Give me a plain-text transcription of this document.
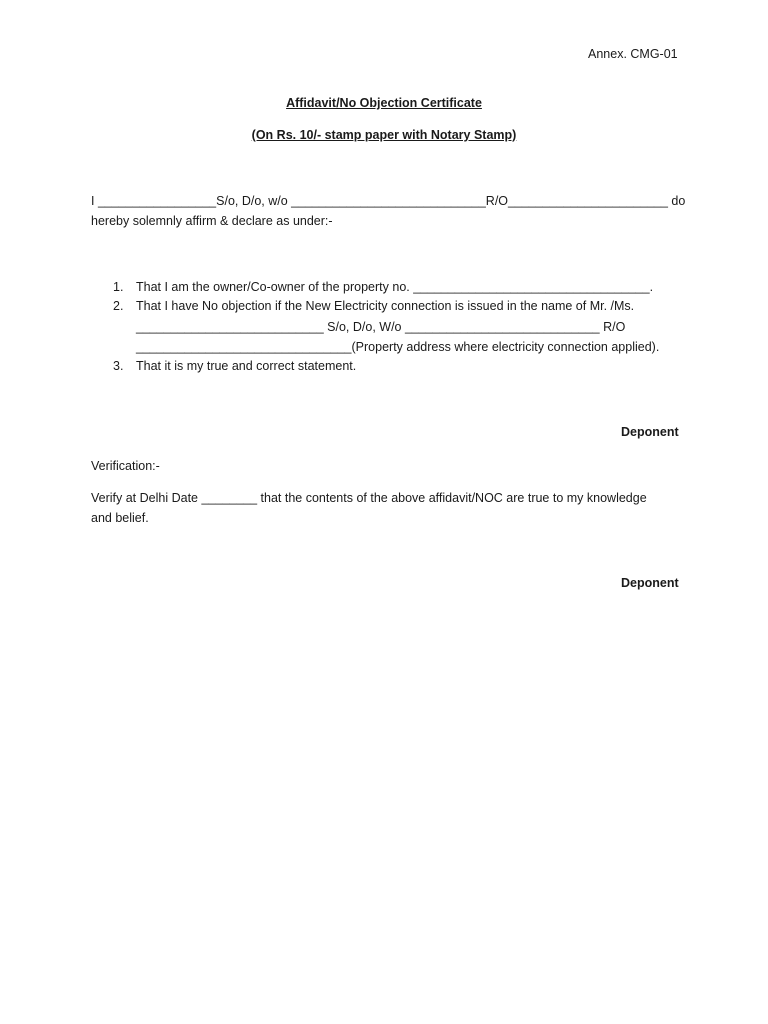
Annex. CMG-01
Affidavit/No Objection Certificate
(On Rs. 10/- stamp paper with Notary Stamp)
I _________________S/o, D/o, w/o ____________________________R/O_______________________ do
hereby solemnly affirm & declare as under:-
1. That I am the owner/Co-owner of the property no. __________________________________.
2. That I have No objection if the New Electricity connection is issued in the name of Mr. /Ms.
___________________________ S/o, D/o, W/o ____________________________ R/O
_______________________________(Property address where electricity connection applied).
3. That it is my true and correct statement.
Deponent
Verification:-
Verify at Delhi Date ________ that the contents of the above affidavit/NOC are true to my knowledge
and belief.
Deponent
